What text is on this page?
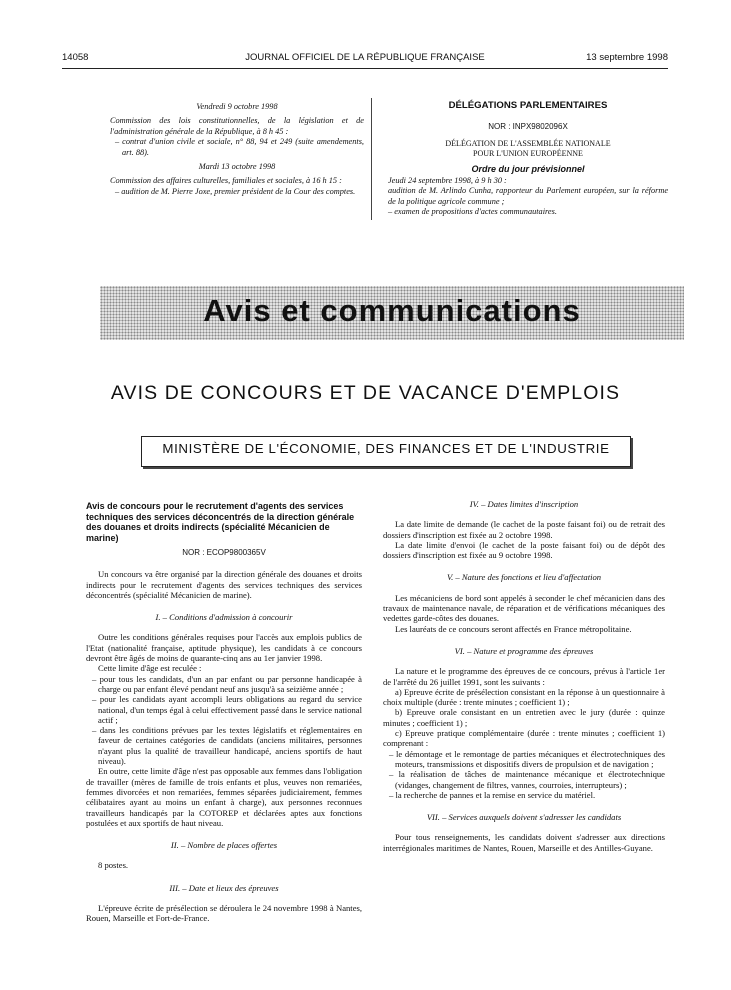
14058	JOURNAL OFFICIEL DE LA RÉPUBLIQUE FRANÇAISE	13 septembre 1998

Vendredi 9 octobre 1998

Commission des lois constitutionnelles, de la législation et de l'administration générale de la République, à 8 h 45 :

– contrat d'union civile et sociale, n° 88, 94 et 249 (suite amendements, art. 88).

Mardi 13 octobre 1998

Commission des affaires culturelles, familiales et sociales, à 16 h 15 :

– audition de M. Pierre Joxe, premier président de la Cour des comptes.

DÉLÉGATIONS PARLEMENTAIRES
NOR : INPX9802096X
DÉLÉGATION DE L'ASSEMBLÉE NATIONALE
POUR L'UNION EUROPÉENNE
Ordre du jour prévisionnel

Jeudi 24 septembre 1998, à 9 h 30 :

audition de M. Arlindo Cunha, rapporteur du Parlement européen, sur la réforme de la politique agricole commune ;

– examen de propositions d'actes communautaires.

Avis et communications
AVIS DE CONCOURS ET DE VACANCE D'EMPLOIS
MINISTÈRE DE L'ÉCONOMIE, DES FINANCES ET DE L'INDUSTRIE
Avis de concours pour le recrutement d'agents des services techniques des services déconcentrés de la direction générale des douanes et droits indirects (spécialité Mécanicien de marine)
NOR : ECOP9800365V

Un concours va être organisé par la direction générale des douanes et droits indirects pour le recrutement d'agents des services techniques des services déconcentrés (spécialité Mécanicien de marine).

I. – Conditions d'admission à concourir

Outre les conditions générales requises pour l'accès aux emplois publics de l'Etat (nationalité française, aptitude physique), les candidats à ce concours devront être âgés de moins de quarante-cinq ans au 1er janvier 1998.

Cette limite d'âge est reculée :

– pour tous les candidats, d'un an par enfant ou par personne handicapée à charge ou par enfant élevé pendant neuf ans jusqu'à sa seizième année ;

– pour les candidats ayant accompli leurs obligations au regard du service national, d'un temps égal à celui effectivement passé dans le service national actif ;

– dans les conditions prévues par les textes législatifs et réglementaires en faveur de certaines catégories de candidats (anciens militaires, personnes n'ayant plus la qualité de travailleur handicapé, anciens sportifs de haut niveau).

En outre, cette limite d'âge n'est pas opposable aux femmes dans l'obligation de travailler (mères de famille de trois enfants et plus, veuves non remariées, femmes divorcées et non remariées, femmes séparées judiciairement, femmes célibataires ayant au moins un enfant à charge), aux personnes reconnues travailleurs handicapés par la COTOREP et déclarées aptes aux fonctions postulées et aux sportifs de haut niveau.

II. – Nombre de places offertes

8 postes.

III. – Date et lieux des épreuves

L'épreuve écrite de présélection se déroulera le 24 novembre 1998 à Nantes, Rouen, Marseille et Fort-de-France.

IV. – Dates limites d'inscription

La date limite de demande (le cachet de la poste faisant foi) ou de retrait des dossiers d'inscription est fixée au 2 octobre 1998.

La date limite d'envoi (le cachet de la poste faisant foi) ou de dépôt des dossiers d'inscription est fixée au 9 octobre 1998.

V. – Nature des fonctions et lieu d'affectation

Les mécaniciens de bord sont appelés à seconder le chef mécanicien dans des travaux de maintenance navale, de réparation et de vérifications mécaniques des vedettes garde-côtes des douanes.

Les lauréats de ce concours seront affectés en France métropolitaine.

VI. – Nature et programme des épreuves

La nature et le programme des épreuves de ce concours, prévus à l'article 1er de l'arrêté du 26 juillet 1991, sont les suivants :

a) Epreuve écrite de présélection consistant en la réponse à un questionnaire à choix multiple (durée : trente minutes ; coefficient 1) ;

b) Epreuve orale consistant en un entretien avec le jury (durée : quinze minutes ; coefficient 1) ;

c) Epreuve pratique complémentaire (durée : trente minutes ; coefficient 1) comprenant :

– le démontage et le remontage de parties mécaniques et électrotechniques des moteurs, transmissions et dispositifs divers de propulsion et de navigation ;

– la réalisation de tâches de maintenance mécanique et électrotechnique (vidanges, changement de filtres, vannes, courroies, interrupteurs) ;

– la recherche de pannes et la remise en service du matériel.

VII. – Services auxquels doivent s'adresser les candidats

Pour tous renseignements, les candidats doivent s'adresser aux directions interrégionales maritimes de Nantes, Rouen, Marseille et des Antilles-Guyane.
